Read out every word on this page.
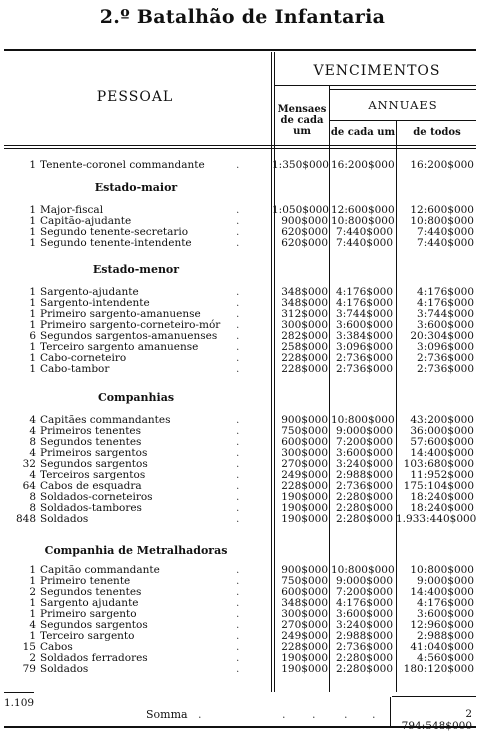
2.º Batalhão de Infantaria
PESSOAL
VENCIMENTOS
ANNUAES
Mensaes de cada um	de cada um	de todos
1 Tenente-coronel commandante	1:350$000 16:200$000	16:200$000
.
Estado-maior
1 Major-fiscal	1:050$000 12:600$000	12:600$000
.
1 Capitão-ajudante	900$000 10:800$000	10:800$000
.
1 Segundo tenente-secretario	620$000 7:440$000	7:440$000
.
1 Segundo tenente-intendente	620$000 7:440$000	7:440$000
.
Estado-menor
1 Sargento-ajudante	348$000 4:176$000	4:176$000
.
1 Sargento-intendente	348$000 4:176$000	4:176$000
.
1 Primeiro sargento-amanuense	312$000 3:744$000	3:744$000
.
1 Primeiro sargento-corneteiro-mór	300$000 3:600$000	3:600$000
.
6 Segundos sargentos-amanuenses	282$000 3:384$000	20:304$000
.
1 Terceiro sargento amanuense	258$000 3:096$000	3:096$000
.
1 Cabo-corneteiro	228$000 2:736$000	2:736$000
.
1 Cabo-tambor	228$000 2:736$000	2:736$000
.
Companhias
4 Capitães commandantes	900$000 10:800$000	43:200$000
.
4 Primeiros tenentes	750$000 9:000$000	36:000$000
.
8 Segundos tenentes	600$000 7:200$000	57:600$000
.
4 Primeiros sargentos	300$000 3:600$000	14:400$000
.
32 Segundos sargentos	270$000 3:240$000	103:680$000
.
4 Terceiros sargentos	249$000 2:988$000	11:952$000
.
64 Cabos de esquadra	228$000 2:736$000	175:104$000
.
8 Soldados-corneteiros	190$000 2:280$000	18:240$000
.
8 Soldados-tambores	190$000 2:280$000	18:240$000
.
848 Soldados	190$000 2:280$000 1.933:440$000
.
Companhia de Metralhadoras
1 Capitão commandante	900$000 10:800$000	10:800$000
.
1 Primeiro tenente	750$000 9:000$000	9:000$000
.
2 Segundos tenentes	600$000 7:200$000	14:400$000
.
1 Sargento ajudante	348$000 4:176$000	4:176$000
.
1 Primeiro sargento	300$000 3:600$000	3:600$000
.
4 Segundos sargentos	270$000 3:240$000	12:960$000
.
1 Terceiro sargento	249$000 2:988$000	2:988$000
.
15 Cabos	228$000 2:736$000	41:040$000
.
2 Soldados ferradores	190$000 2:280$000	4:560$000
.
79 Soldados	190$000 2:280$000	180:120$000
.
1.109
Somma .	. .	. .	2 794:548$000
